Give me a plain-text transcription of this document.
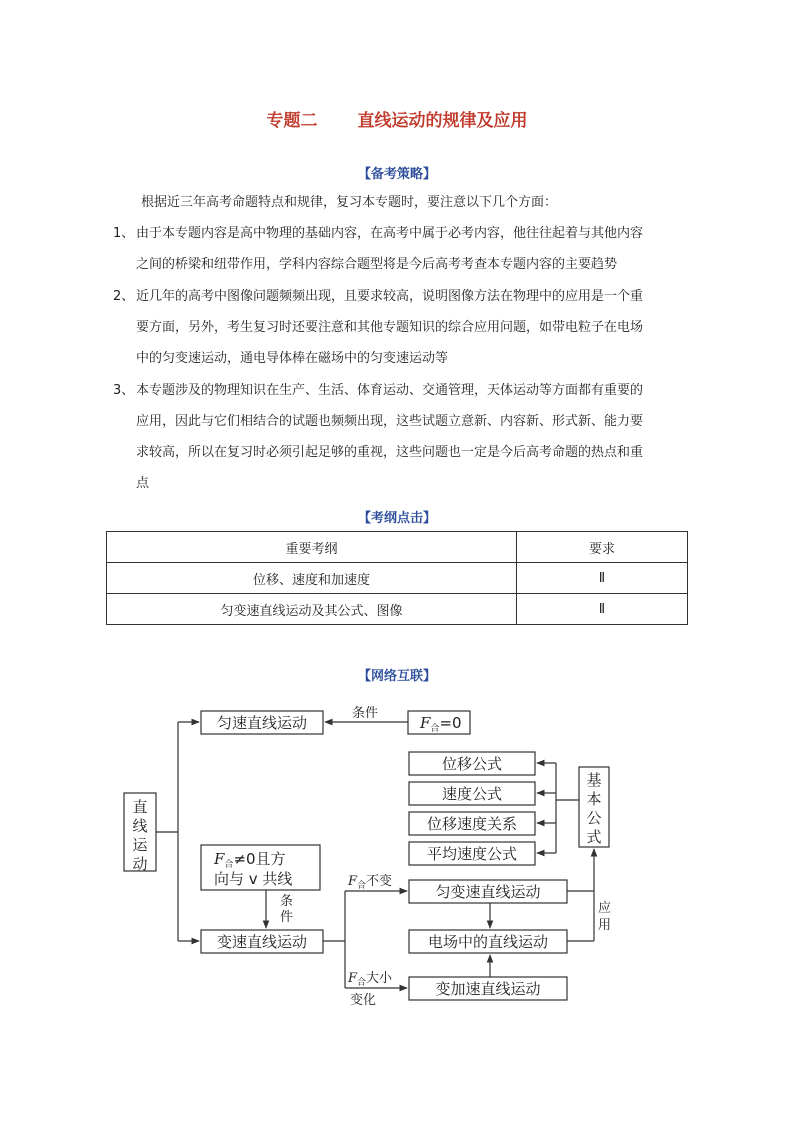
专题二 直线运动的规律及应用
【备考策略】
根据近三年高考命题特点和规律，复习本专题时，要注意以下几个方面：
1、 由于本专题内容是高中物理的基础内容，在高考中属于必考内容，他往往起着与其他内容
之间的桥梁和纽带作用，学科内容综合题型将是今后高考考查本专题内容的主要趋势
2、 近几年的高考中图像问题频频出现，且要求较高，说明图像方法在物理中的应用是一个重
要方面，另外，考生复习时还要注意和其他专题知识的综合应用问题，如带电粒子在电场
中的匀变速运动，通电导体棒在磁场中的匀变速运动等
3、 本专题涉及的物理知识在生产、生活、体育运动、交通管理，天体运动等方面都有重要的
应用，因此与它们相结合的试题也频频出现，这些试题立意新、内容新、形式新、能力要
求较高，所以在复习时必须引起足够的重视，这些问题也一定是今后高考命题的热点和重
点
【考纲点击】
重要考纲	要求
位移、速度和加速度	Ⅱ
匀变速直线运动及其公式、图像	Ⅱ
【网络互联】
直
线
运
动
匀速直线运动
条件
$F_合=0$
位移公式
速度公式
位移速度关系
平均速度公式
基
本
公
式
$F_合\ne 0$且方
向与 v 共线
条
件
变速直线运动
$F_合$不变
$F_合$大小
变化
匀变速直线运动
电场中的直线运动
变加速直线运动
应
用
